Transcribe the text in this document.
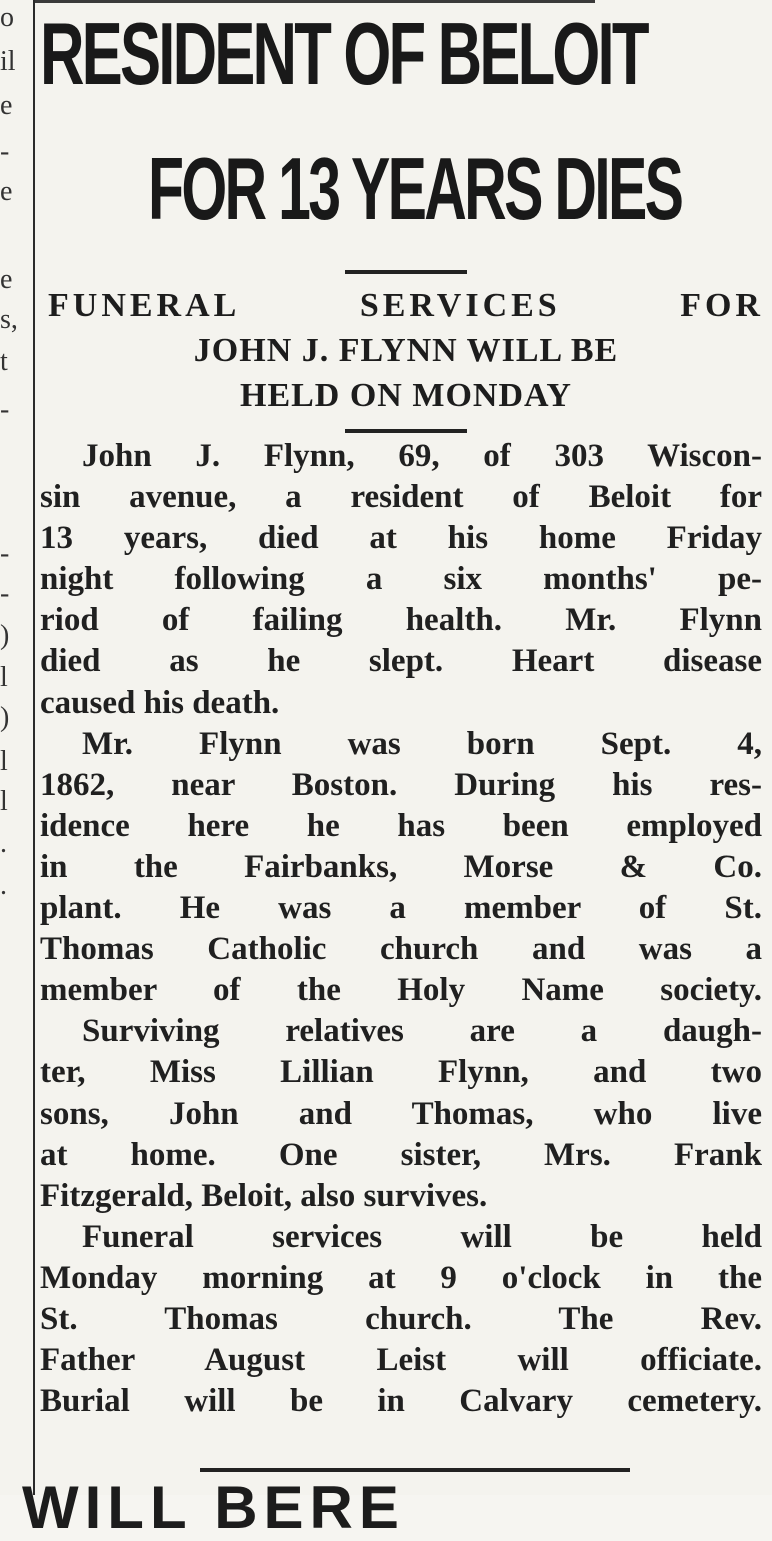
o
il
e
-
e
e
s,
t
-
-
-
)
l
)
l
l
.
.
RESIDENT OF BELOIT
FOR 13 YEARS DIES
FUNERAL	SERVICES	FOR
JOHN J. FLYNN WILL BE
HELD ON MONDAY
John J. Flynn, 69, of 303 Wiscon-
sin avenue, a resident of Beloit for
13 years, died at his home Friday
night following a six months' pe-
riod of failing health. Mr. Flynn
died as he slept. Heart disease
caused his death.
Mr. Flynn was born Sept. 4,
1862, near Boston. During his res-
idence here he has been employed
in the Fairbanks, Morse & Co.
plant. He was a member of St.
Thomas Catholic church and was a
member of the Holy Name society.
Surviving relatives are a daugh-
ter, Miss Lillian Flynn, and two
sons, John and Thomas, who live
at home. One sister, Mrs. Frank
Fitzgerald, Beloit, also survives.
Funeral services will be held
Monday morning at 9 o'clock in the
St. Thomas church. The Rev.
Father August Leist will officiate.
Burial will be in Calvary cemetery.
WILL BERE
